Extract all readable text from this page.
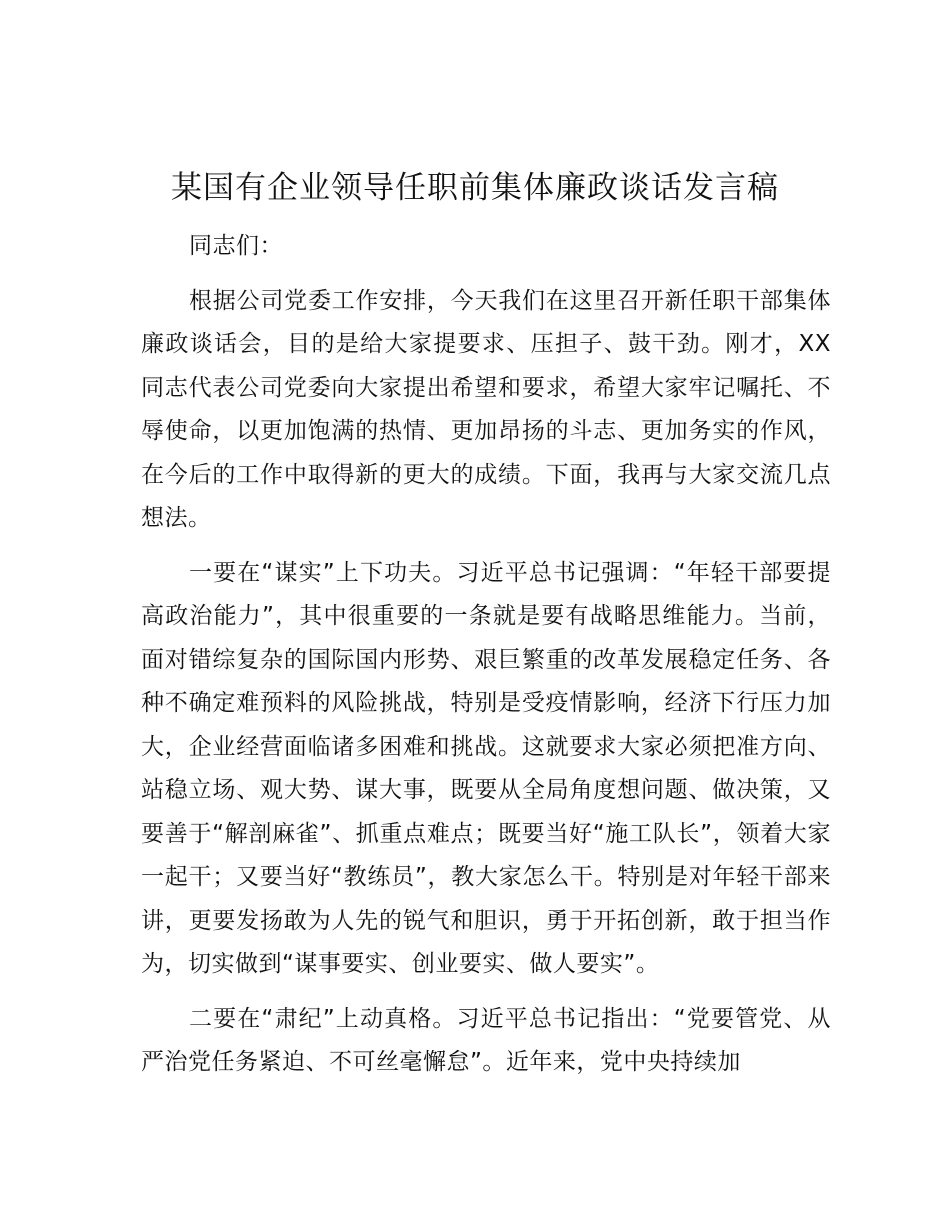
某国有企业领导任职前集体廉政谈话发言稿

同志们：

根据公司党委工作安排，今天我们在这里召开新任职干部集体廉政谈话会，目的是给大家提要求、压担子、鼓干劲。刚才，XX 同志代表公司党委向大家提出希望和要求，希望大家牢记嘱托、不辱使命，以更加饱满的热情、更加昂扬的斗志、更加务实的作风，在今后的工作中取得新的更大的成绩。下面，我再与大家交流几点想法。

一要在“谋实”上下功夫。习近平总书记强调：“年轻干部要提高政治能力”，其中很重要的一条就是要有战略思维能力。当前，面对错综复杂的国际国内形势、艰巨繁重的改革发展稳定任务、各种不确定难预料的风险挑战，特别是受疫情影响，经济下行压力加大，企业经营面临诸多困难和挑战。这就要求大家必须把准方向、站稳立场、观大势、谋大事，既要从全局角度想问题、做决策，又要善于“解剖麻雀”、抓重点难点；既要当好“施工队长”，领着大家一起干；又要当好“教练员”，教大家怎么干。特别是对年轻干部来讲，更要发扬敢为人先的锐气和胆识，勇于开拓创新，敢于担当作为，切实做到“谋事要实、创业要实、做人要实”。

二要在“肃纪”上动真格。习近平总书记指出：“党要管党、从严治党任务紧迫、不可丝毫懈怠”。近年来，党中央持续加
